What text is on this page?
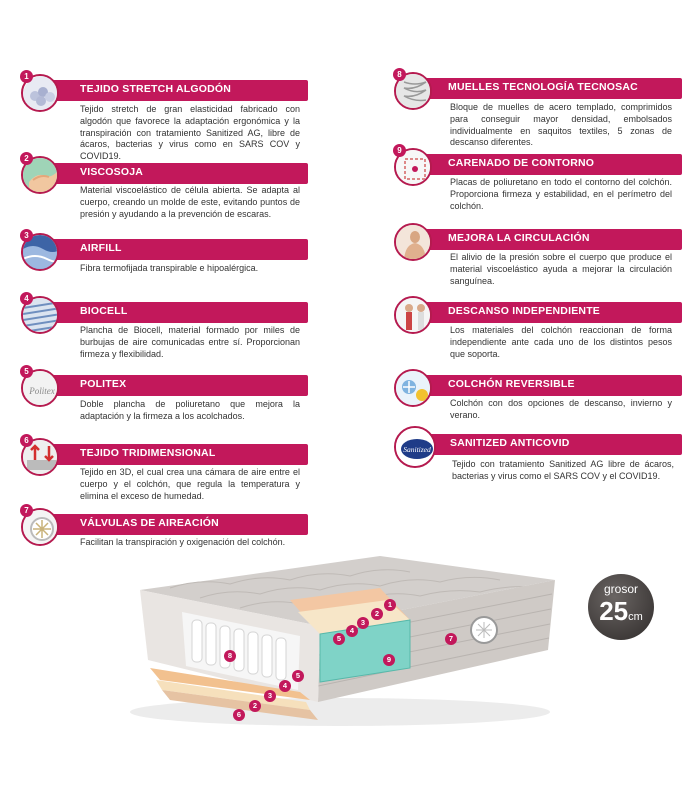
TEJIDO STRETCH ALGODÓN
1
Tejido stretch de gran elasticidad fabricado con algodón que favorece la adaptación ergonómica y la transpiración con tratamiento Sanitized AG, libre de ácaros, bacterias y virus como en SARS COV y COVID19.
VISCOSOJA
2
Material viscoelástico de célula abierta. Se adapta al cuerpo, creando un molde de este, evitando puntos de presión y ayudando a la prevención de escaras.
AIRFILL
3
Fibra termofijada transpirable e hipoalérgica.
BIOCELL
4
Plancha de Biocell, material formado por miles de burbujas de aire comunicadas entre sí. Proporcionan firmeza y flexibilidad.
POLITEX
Politex
5
Doble plancha de poliuretano que mejora la adaptación y la firmeza a los acolchados.
TEJIDO TRIDIMENSIONAL
6
Tejido en 3D, el cual crea una cámara de aire entre el cuerpo y el colchón, que regula la temperatura y elimina el exceso de humedad.
VÁLVULAS DE AIREACIÓN
7
Facilitan la transpiración y oxigenación del colchón.
MUELLES TECNOLOGÍA TECNOSAC
8
Bloque de muelles de acero templado, comprimidos para conseguir mayor densidad, embolsados individualmente en saquitos textiles, 5 zonas de descanso diferentes.
CARENADO DE CONTORNO
9
Placas de poliuretano en todo el contorno del colchón. Proporciona firmeza y estabilidad, en el perímetro del colchón.
MEJORA LA CIRCULACIÓN
El alivio de la presión sobre el cuerpo que produce el material viscoelástico ayuda a mejorar la circulación sanguínea.
DESCANSO INDEPENDIENTE
Los materiales del colchón reaccionan de forma independiente ante cada uno de los distintos pesos que soporta.
COLCHÓN REVERSIBLE
Colchón con dos opciones de descanso, invierno y verano.
SANITIZED ANTICOVID
Sanitized
Tejido con tratamiento Sanitized AG libre de ácaros, bacterias y virus como el SARS COV y el COVID19.
1
2
3
4
5
6
7
8	9
2
3
4
5
grosor
25cm
